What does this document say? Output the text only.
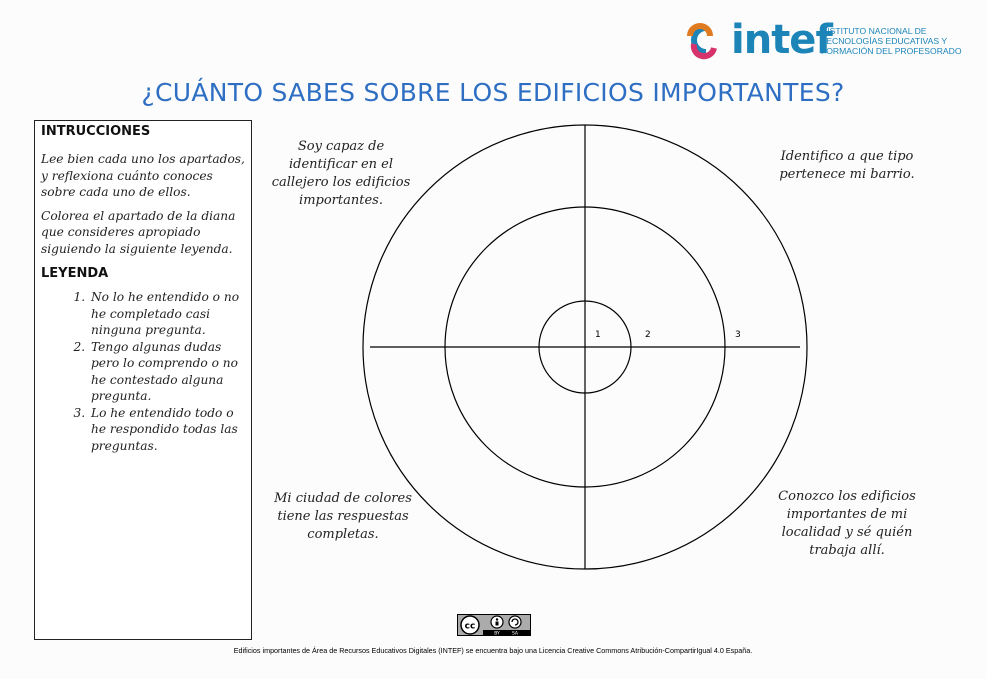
intef
INSTITUTO NACIONAL DE
TECNOLOGÍAS EDUCATIVAS Y
FORMACIÓN DEL PROFESORADO
¿CUÁNTO SABES SOBRE LOS EDIFICIOS IMPORTANTES?
INTRUCCIONES

Lee bien cada uno los apartados, y reflexiona cuánto conoces sobre cada uno de ellos.

Colorea el apartado de la diana que consideres apropiado siguiendo la siguiente leyenda.

LEYENDA
1. No lo he entendido o no he completado casi ninguna pregunta.
2. Tengo algunas dudas pero lo comprendo o no he contestado alguna pregunta.
3. Lo he entendido todo o he respondido todas las preguntas.
1	2	3
Soy capaz de
identificar en el
callejero los edificios
importantes.
Identifico a que tipo
pertenece mi barrio.
Mi ciudad de colores
tiene las respuestas
completas.
Conozco los edificios
importantes de mi
localidad y sé quién
trabaja allí.
cc
BY	SA
Edificios importantes de Área de Recursos Educativos Digitales (INTEF) se encuentra bajo una Licencia Creative Commons Atribución-CompartirIgual 4.0 España.
